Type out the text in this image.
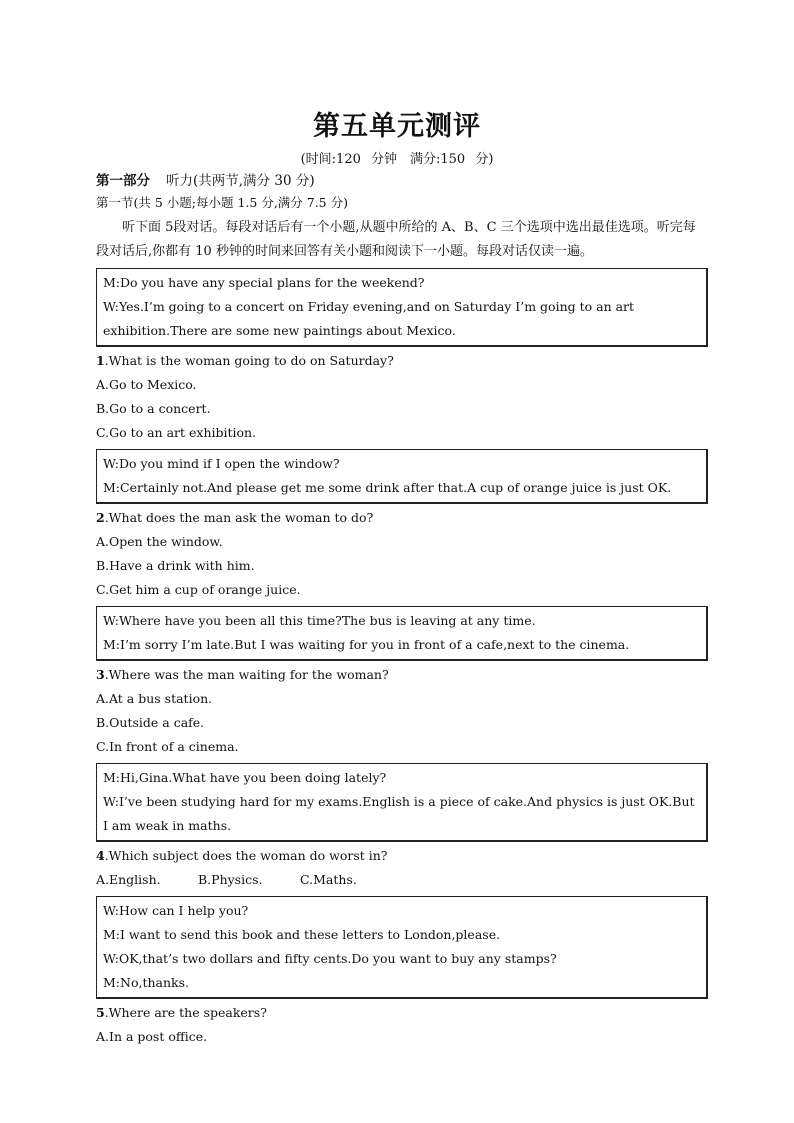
第五单元测评
(时间:120 分钟　满分:150 分)
第一部分 听力(共两节,满分 30 分)
第一节(共 5 小题;每小题 1.5 分,满分 7.5 分)
听下面 5段对话。每段对话后有一个小题,从题中所给的 A、B、C 三个选项中选出最佳选项。听完每段对话后,你都有 10 秒钟的时间来回答有关小题和阅读下一小题。每段对话仅读一遍。

M:Do you have any special plans for the weekend?

W:Yes.I’m going to a concert on Friday evening,and on Saturday I’m going to an art exhibition.There are some new paintings about Mexico.

1.What is the woman going to do on Saturday?

A.Go to Mexico.

B.Go to a concert.

C.Go to an art exhibition.

W:Do you mind if I open the window?

M:Certainly not.And please get me some drink after that.A cup of orange juice is just OK.

2.What does the man ask the woman to do?

A.Open the window.

B.Have a drink with him.

C.Get him a cup of orange juice.

W:Where have you been all this time?The bus is leaving at any time.

M:I’m sorry I’m late.But I was waiting for you in front of a cafe,next to the cinema.

3.Where was the man waiting for the woman?

A.At a bus station.

B.Outside a cafe.

C.In front of a cinema.

M:Hi,Gina.What have you been doing lately?

W:I’ve been studying hard for my exams.English is a piece of cake.And physics is just OK.But I am weak in maths.

4.Which subject does the woman do worst in?

A.English.	B.Physics.	C.Maths.

W:How can I help you?

M:I want to send this book and these letters to London,please.

W:OK,that’s two dollars and fifty cents.Do you want to buy any stamps?

M:No,thanks.

5.Where are the speakers?

A.In a post office.
